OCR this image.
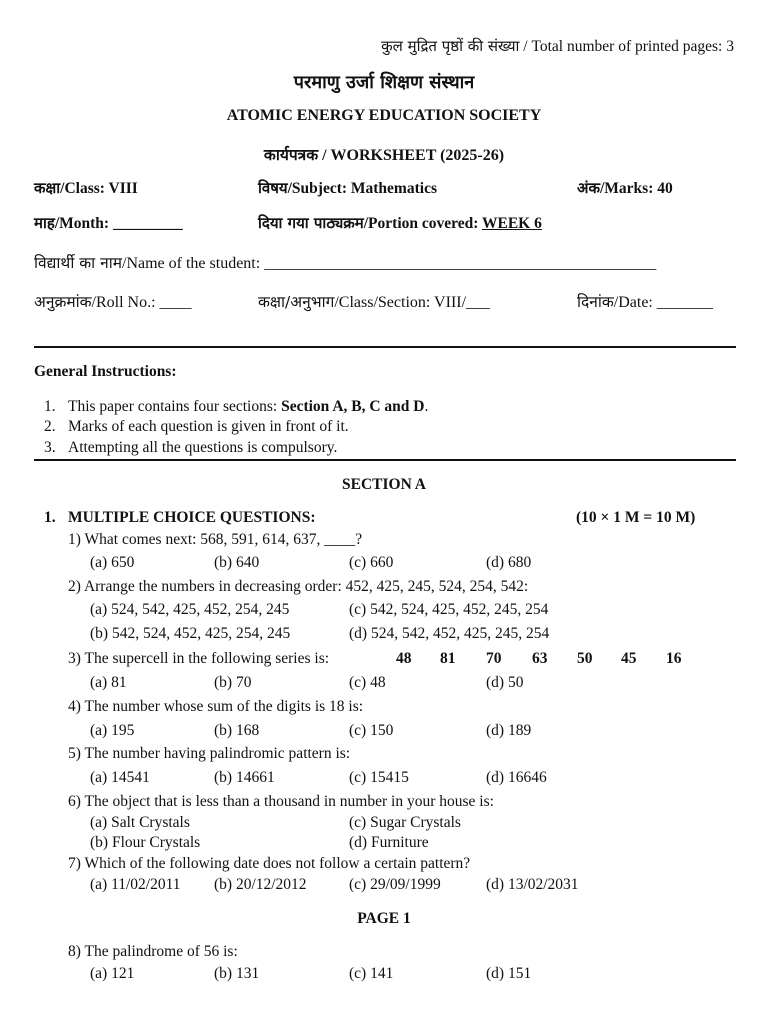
कुल मुद्रित पृष्ठों की संख्या / Total number of printed pages: 3
परमाणु उर्जा शिक्षण संस्थान
ATOMIC ENERGY EDUCATION SOCIETY
कार्यपत्रक / WORKSHEET (2025-26)
कक्षा/Class: VIII	विषय/Subject: Mathematics	अंक/Marks: 40
माह/Month: _________	दिया गया पाठ्यक्रम/Portion covered: WEEK 6
विद्यार्थी का नाम/Name of the student: _________________________________________________
अनुक्रमांक/Roll No.: ____	कक्षा/अनुभाग/Class/Section: VIII/___	दिनांक/Date: _______
General Instructions:
1. This paper contains four sections: Section A, B, C and D.
2. Marks of each question is given in front of it.
3. Attempting all the questions is compulsory.
SECTION A
1. MULTIPLE CHOICE QUESTIONS:	(10 × 1 M = 10 M)
1) What comes next: 568, 591, 614, 637, ____?
(a) 650	(b) 640	(c) 660	(d) 680
2) Arrange the numbers in decreasing order: 452, 425, 245, 524, 254, 542:
(a) 524, 542, 425, 452, 254, 245	(c) 542, 524, 425, 452, 245, 254
(b) 542, 524, 452, 425, 254, 245	(d) 524, 542, 452, 425, 245, 254
3) The supercell in the following series is:	48 81 70 63 50 45 16
(a) 81	(b) 70	(c) 48	(d) 50
4) The number whose sum of the digits is 18 is:
(a) 195	(b) 168	(c) 150	(d) 189
5) The number having palindromic pattern is:
(a) 14541	(b) 14661	(c) 15415	(d) 16646
6) The object that is less than a thousand in number in your house is:
(a) Salt Crystals	(c) Sugar Crystals
(b) Flour Crystals	(d) Furniture
7) Which of the following date does not follow a certain pattern?
(a) 11/02/2011 (b) 20/12/2012	(c) 29/09/1999	(d) 13/02/2031
PAGE 1
8) The palindrome of 56 is:
(a) 121	(b) 131	(c) 141	(d) 151
